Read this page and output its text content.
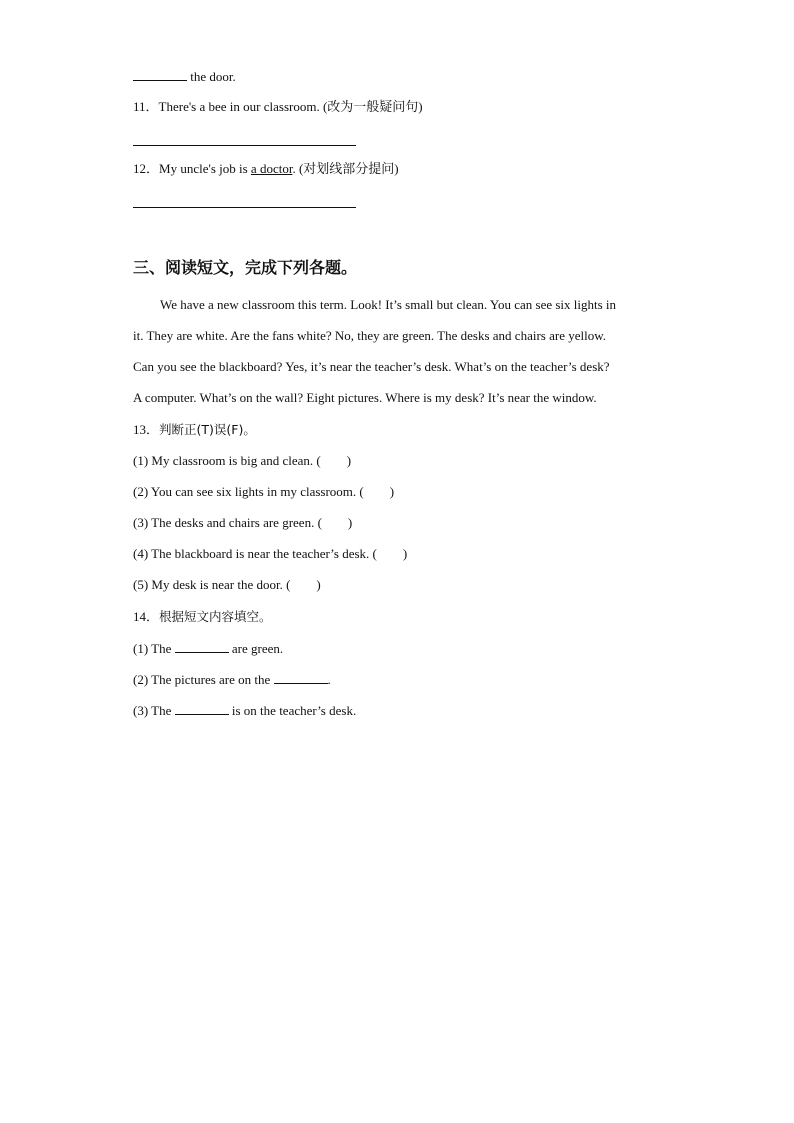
the door.
11．There's a bee in our classroom. (改为一般疑问句)
12．My uncle's job is a doctor. (对划线部分提问)
三、阅读短文，完成下列各题。
We have a new classroom this term. Look! It’s small but clean. You can see six lights in
it. They are white. Are the fans white? No, they are green. The desks and chairs are yellow.
Can you see the blackboard? Yes, it’s near the teacher’s desk. What’s on the teacher’s desk?
A computer. What’s on the wall? Eight pictures. Where is my desk? It’s near the window.
13．判断正(T)误(F)。
(1) My classroom is big and clean. ( )
(2) You can see six lights in my classroom. ( )
(3) The desks and chairs are green. ( )
(4) The blackboard is near the teacher’s desk. ( )
(5) My desk is near the door. ( )
14．根据短文内容填空。
(1) The	are green.
(2) The pictures are on the	.
(3) The	is on the teacher’s desk.
